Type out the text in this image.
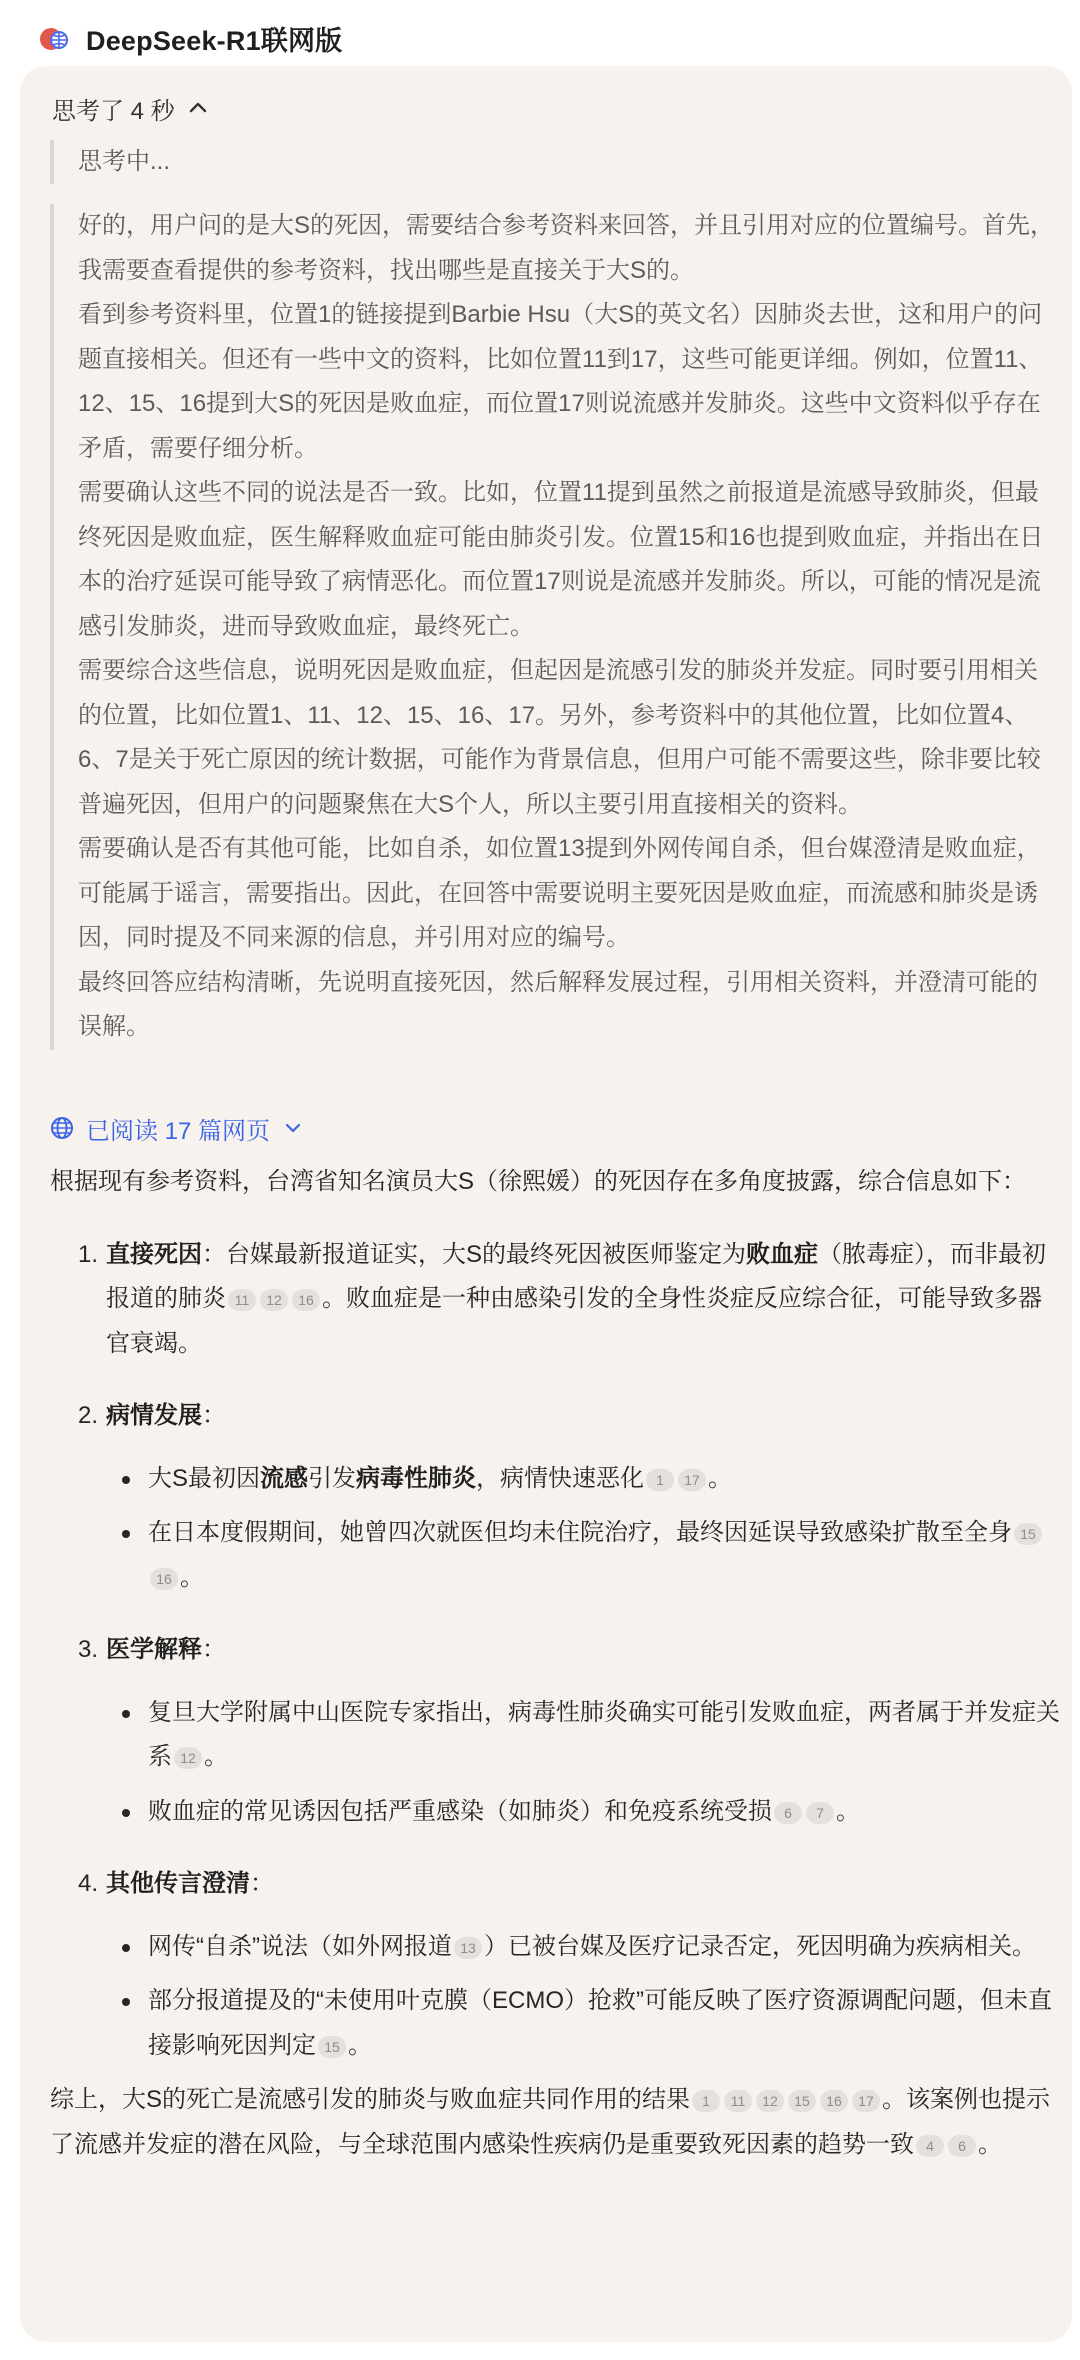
DeepSeek-R1联网版
思考了 4 秒
思考中...

好的，用户问的是大S的死因，需要结合参考资料来回答，并且引用对应的位置编号。首先，我需要查看提供的参考资料，找出哪些是直接关于大S的。

看到参考资料里，位置1的链接提到Barbie Hsu（大S的英文名）因肺炎去世，这和用户的问题直接相关。但还有一些中文的资料，比如位置11到17，这些可能更详细。例如，位置11、12、15、16提到大S的死因是败血症，而位置17则说流感并发肺炎。这些中文资料似乎存在矛盾，需要仔细分析。

需要确认这些不同的说法是否一致。比如，位置11提到虽然之前报道是流感导致肺炎，但最终死因是败血症，医生解释败血症可能由肺炎引发。位置15和16也提到败血症，并指出在日本的治疗延误可能导致了病情恶化。而位置17则说是流感并发肺炎。所以，可能的情况是流感引发肺炎，进而导致败血症，最终死亡。

需要综合这些信息，说明死因是败血症，但起因是流感引发的肺炎并发症。同时要引用相关的位置，比如位置1、11、12、15、16、17。另外，参考资料中的其他位置，比如位置4、6、7是关于死亡原因的统计数据，可能作为背景信息，但用户可能不需要这些，除非要比较普遍死因，但用户的问题聚焦在大S个人，所以主要引用直接相关的资料。

需要确认是否有其他可能，比如自杀，如位置13提到外网传闻自杀，但台媒澄清是败血症，可能属于谣言，需要指出。因此，在回答中需要说明主要死因是败血症，而流感和肺炎是诱因，同时提及不同来源的信息，并引用对应的编号。

最终回答应结构清晰，先说明直接死因，然后解释发展过程，引用相关资料，并澄清可能的误解。

已阅读 17 篇网页

根据现有参考资料，台湾省知名演员大S（徐熙媛）的死因存在多角度披露，综合信息如下：

1. 直接死因：台媒最新报道证实，大S的最终死因被医师鉴定为败血症（脓毒症），而非最初报道的肺炎 11 12 16 。败血症是一种由感染引发的全身性炎症反应综合征，可能导致多器官衰竭。
2. 病情发展：
大S最初因流感引发病毒性肺炎，病情快速恶化 1 17 。
在日本度假期间，她曾四次就医但均未住院治疗，最终因延误导致感染扩散至全身 1516 。
3. 医学解释：
复旦大学附属中山医院专家指出，病毒性肺炎确实可能引发败血症，两者属于并发症关系 12 。
败血症的常见诱因包括严重感染（如肺炎）和免疫系统受损 6 7 。
4. 其他传言澄清：
网传“自杀”说法（如外网报道 13 ）已被台媒及医疗记录否定，死因明确为疾病相关。
部分报道提及的“未使用叶克膜（ECMO）抢救”可能反映了医疗资源调配问题，但未直接影响死因判定 15 。

综上，大S的死亡是流感引发的肺炎与败血症共同作用的结果 1 11 12 15 16 17 。该案例也提示了流感并发症的潜在风险，与全球范围内感染性疾病仍是重要致死因素的趋势一致 4 6 。
